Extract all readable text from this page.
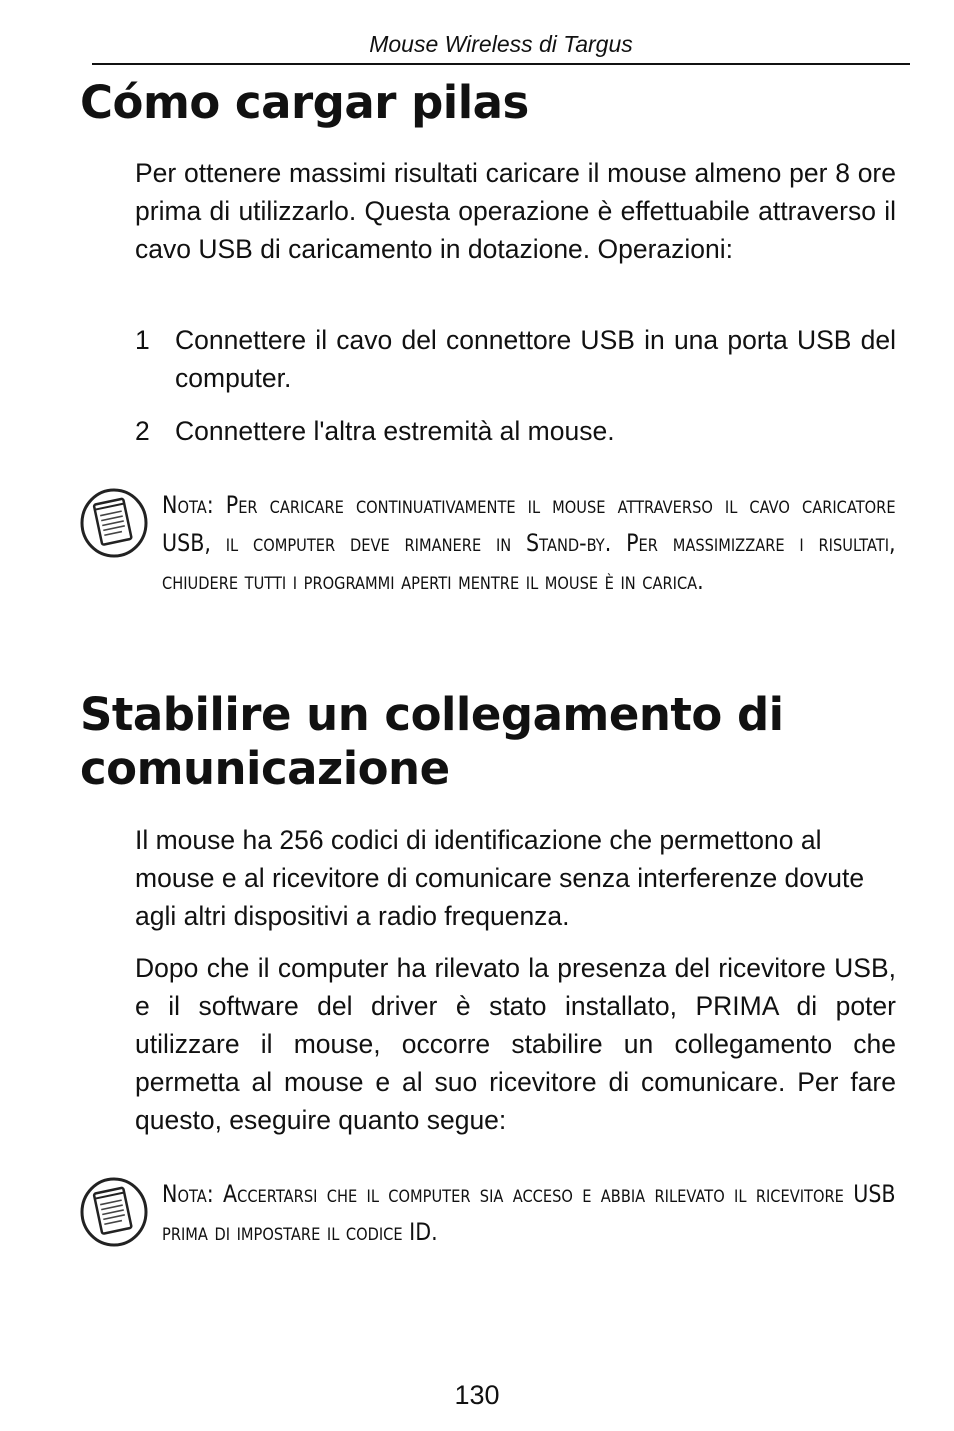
Mouse Wireless di Targus
Cómo cargar pilas

Per ottenere massimi risultati caricare il mouse almeno per 8 ore prima di utilizzarlo. Questa operazione è effettuabile attraverso il cavo USB di caricamento in dotazione. Operazioni:

1 Connettere il cavo del connettore USB in una porta USB del computer.
2 Connettere l'altra estremità al mouse.

Nota: Per caricare continuativamente il mouse attraverso il cavo caricatore USB, il computer deve rimanere in Stand-by. Per massimizzare i risultati, chiudere tutti i programmi aperti mentre il mouse è in carica.

Stabilire un collegamento di comunicazione

Il mouse ha 256 codici di identificazione che permettono al mouse e al ricevitore di comunicare senza interferenze dovute agli altri dispositivi a radio frequenza.

Dopo che il computer ha rilevato la presenza del ricevitore USB, e il software del driver è stato installato, PRIMA di poter utilizzare il mouse, occorre stabilire un collegamento che permetta al mouse e al suo ricevitore di comunicare. Per fare questo, eseguire quanto segue:

Nota: Accertarsi che il computer sia acceso e abbia rilevato il ricevitore USB prima di impostare il codice ID.

130
